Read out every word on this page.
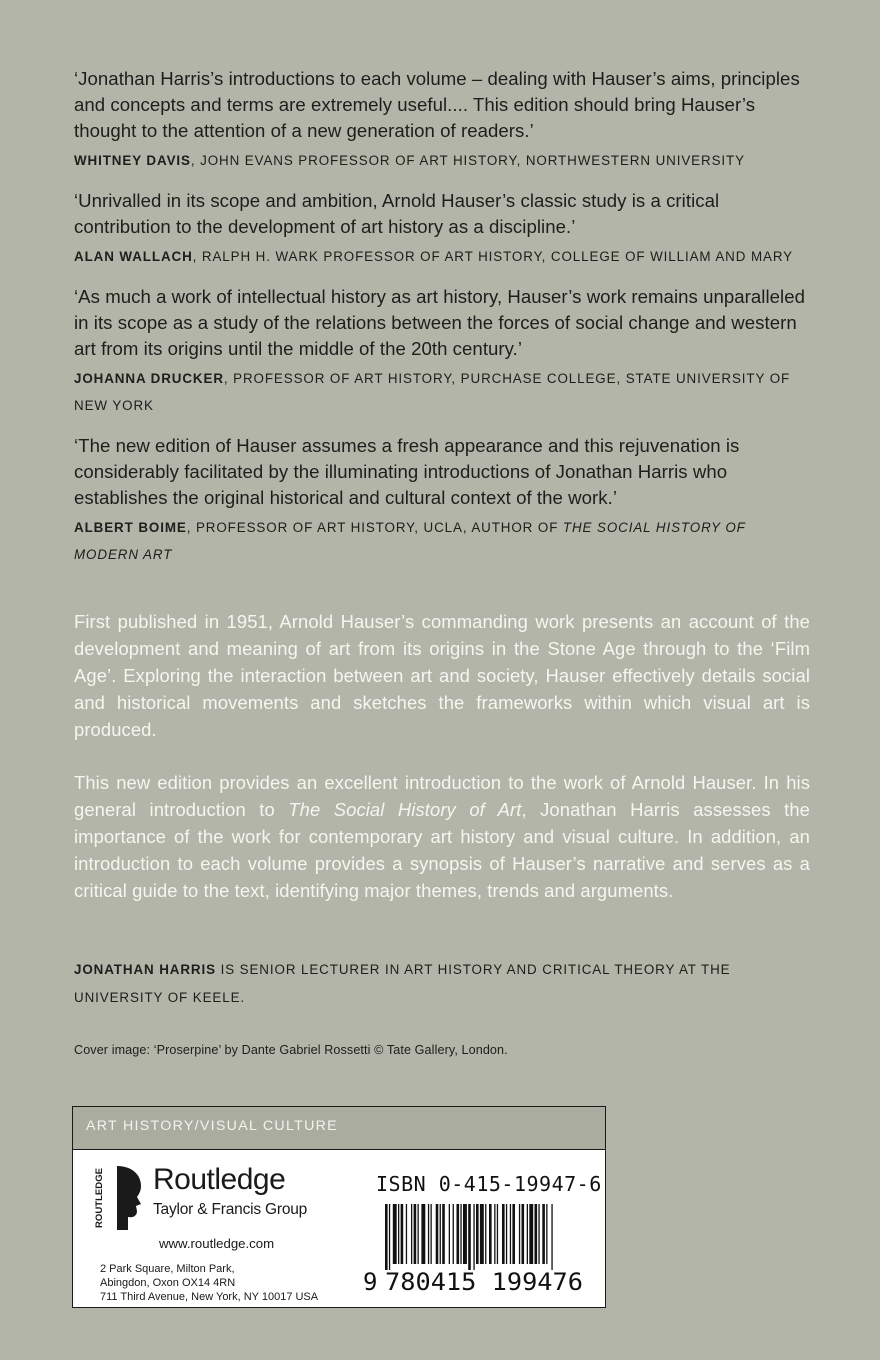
‘Jonathan Harris’s introductions to each volume – dealing with Hauser’s aims, principles and concepts and terms are extremely useful.... This edition should bring Hauser’s thought to the attention of a new generation of readers.’

WHITNEY DAVIS, JOHN EVANS PROFESSOR OF ART HISTORY, NORTHWESTERN UNIVERSITY

‘Unrivalled in its scope and ambition, Arnold Hauser’s classic study is a critical contribution to the development of art history as a discipline.’

ALAN WALLACH, RALPH H. WARK PROFESSOR OF ART HISTORY, COLLEGE OF WILLIAM AND MARY

‘As much a work of intellectual history as art history, Hauser’s work remains unparalleled in its scope as a study of the relations between the forces of social change and western art from its origins until the middle of the 20th century.’

JOHANNA DRUCKER, PROFESSOR OF ART HISTORY, PURCHASE COLLEGE, STATE UNIVERSITY OF NEW YORK

‘The new edition of Hauser assumes a fresh appearance and this rejuvenation is considerably facilitated by the illuminating introductions of Jonathan Harris who establishes the original historical and cultural context of the work.’

ALBERT BOIME, PROFESSOR OF ART HISTORY, UCLA, AUTHOR OF THE SOCIAL HISTORY OF MODERN ART

First published in 1951, Arnold Hauser’s commanding work presents an account of the development and meaning of art from its origins in the Stone Age through to the ‘Film Age’. Exploring the interaction between art and society, Hauser effectively details social and historical movements and sketches the frameworks within which visual art is produced.

This new edition provides an excellent introduction to the work of Arnold Hauser. In his general introduction to The Social History of Art, Jonathan Harris assesses the importance of the work for contemporary art history and visual culture. In addition, an introduction to each volume provides a synopsis of Hauser’s narrative and serves as a critical guide to the text, identifying major themes, trends and arguments.

JONATHAN HARRIS IS SENIOR LECTURER IN ART HISTORY AND CRITICAL THEORY AT THE UNIVERSITY OF KEELE.
Cover image: ‘Proserpine’ by Dante Gabriel Rossetti © Tate Gallery, London.
ART HISTORY/VISUAL CULTURE
ROUTLEDGE Routledge
Taylor & Francis Group
www.routledge.com
2 Park Square, Milton Park,
Abingdon, Oxon OX14 4RN
711 Third Avenue, New York, NY 10017 USA
ISBN 0-415-19947-6
9 780415 199476
